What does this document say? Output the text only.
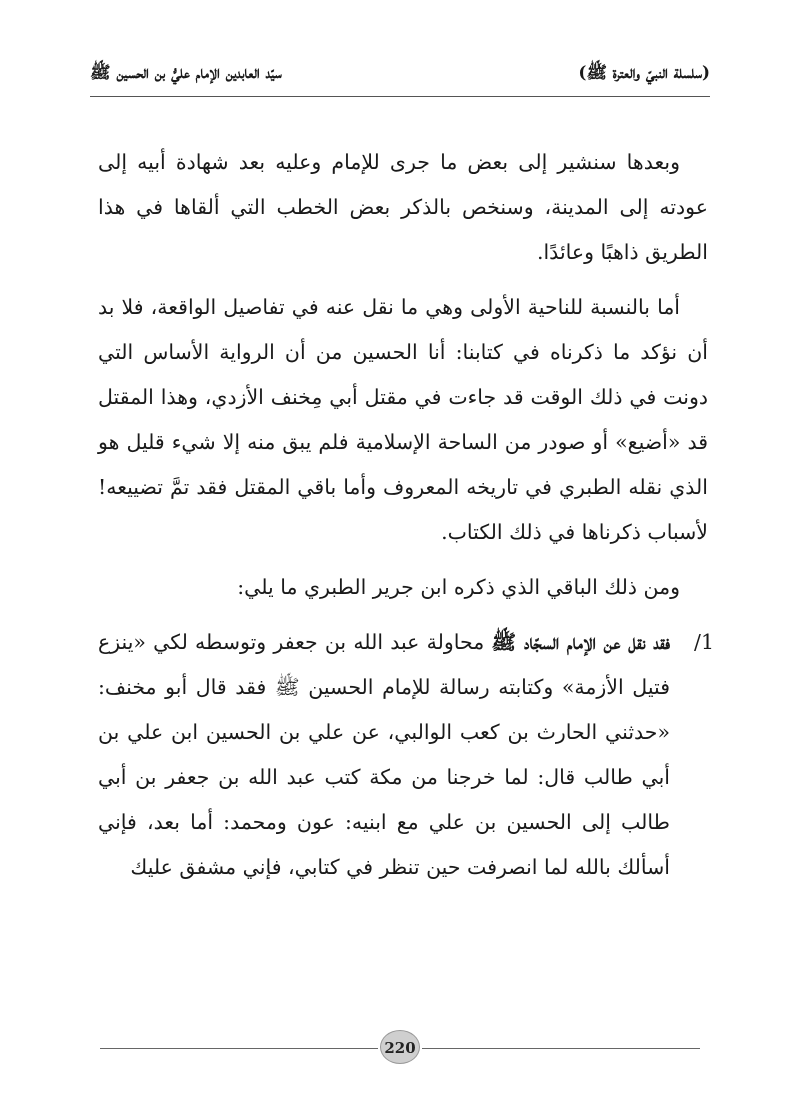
(سلسلة النبيّ والعترة ﷺ)
سيّد العابدين الإمام عليُّ بن الحسين ﷺ

وبعدها سنشير إلى بعض ما جرى للإمام وعليه بعد شهادة أبيه إلى عودته إلى المدينة، وسنخص بالذكر بعض الخطب التي ألقاها في هذا الطريق ذاهبًا وعائدًا.

أما بالنسبة للناحية الأولى وهي ما نقل عنه في تفاصيل الواقعة، فلا بد أن نؤكد ما ذكرناه في كتابنا: أنا الحسين من أن الرواية الأساس التي دونت في ذلك الوقت قد جاءت في مقتل أبي مِخنف الأزدي، وهذا المقتل قد «أضيع» أو صودر من الساحة الإسلامية فلم يبق منه إلا شيء قليل هو الذي نقله الطبري في تاريخه المعروف وأما باقي المقتل فقد تمَّ تضييعه! لأسباب ذكرناها في ذلك الكتاب.

ومن ذلك الباقي الذي ذكره ابن جرير الطبري ما يلي:

1/

فقد نقل عن الإمام السجّاد ﷺ محاولة عبد الله بن جعفر وتوسطه لكي «ينزع فتيل الأزمة» وكتابته رسالة للإمام الحسين ﷺ فقد قال أبو مخنف: «حدثني الحارث بن كعب الوالبي، عن علي بن الحسين ابن علي بن أبي طالب قال: لما خرجنا من مكة كتب عبد الله بن جعفر بن أبي طالب إلى الحسين بن علي مع ابنيه: عون ومحمد: أما بعد، فإني أسألك بالله لما انصرفت حين تنظر في كتابي، فإني مشفق عليك

220
